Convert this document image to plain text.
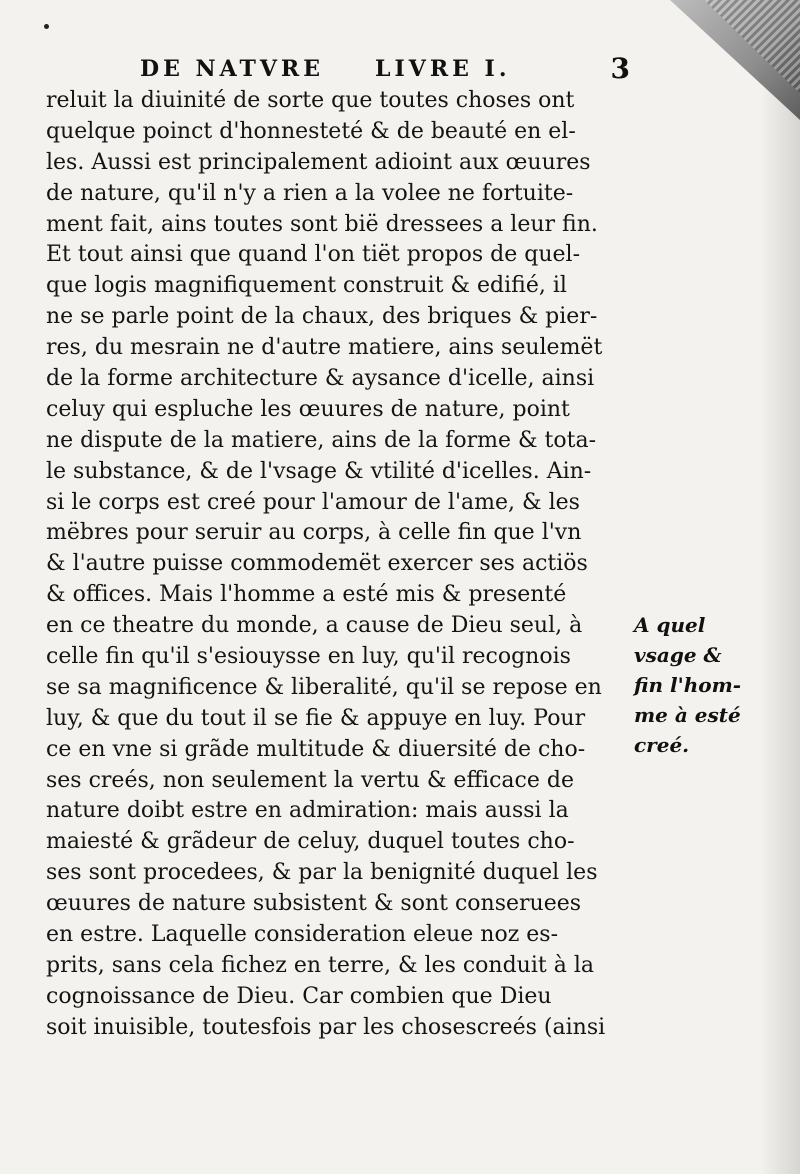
DE NATVRE LIVRE I.	3
reluit la diuinité de sorte que toutes choses ont
quelque poinct d'honnesteté & de beauté en el-
les. Aussi est principalement adioint aux œuures
de nature, qu'il n'y a rien a la volee ne fortuite-
ment fait, ains toutes sont bië dressees a leur fin.
Et tout ainsi que quand l'on tiët propos de quel-
que logis magnifiquement construit & edifié, il
ne se parle point de la chaux, des briques & pier-
res, du mesrain ne d'autre matiere, ains seulemët
de la forme architecture & aysance d'icelle, ainsi
celuy qui espluche les œuures de nature, point
ne dispute de la matiere, ains de la forme & tota-
le substance, & de l'vsage & vtilité d'icelles. Ain-
si le corps est creé pour l'amour de l'ame, & les
mëbres pour seruir au corps, à celle fin que l'vn
& l'autre puisse commodemët exercer ses actiös
& offices. Mais l'homme a esté mis & presenté
en ce theatre du monde, a cause de Dieu seul, à
celle fin qu'il s'esiouysse en luy, qu'il recognois
se sa magnificence & liberalité, qu'il se repose en
luy, & que du tout il se fie & appuye en luy. Pour
ce en vne si grãde multitude & diuersité de cho-
ses creés, non seulement la vertu & efficace de
nature doibt estre en admiration: mais aussi la
maiesté & grãdeur de celuy, duquel toutes cho-
ses sont procedees, & par la benignité duquel les
œuures de nature subsistent & sont conseruees
en estre. Laquelle consideration eleue noz es-
prits, sans cela fichez en terre, & les conduit à la
cognoissance de Dieu. Car combien que Dieu
soit inuisible, toutesfois par les chosescreés (ainsi
A quel
vsage &
fin l'hom-
me à esté
creé.
